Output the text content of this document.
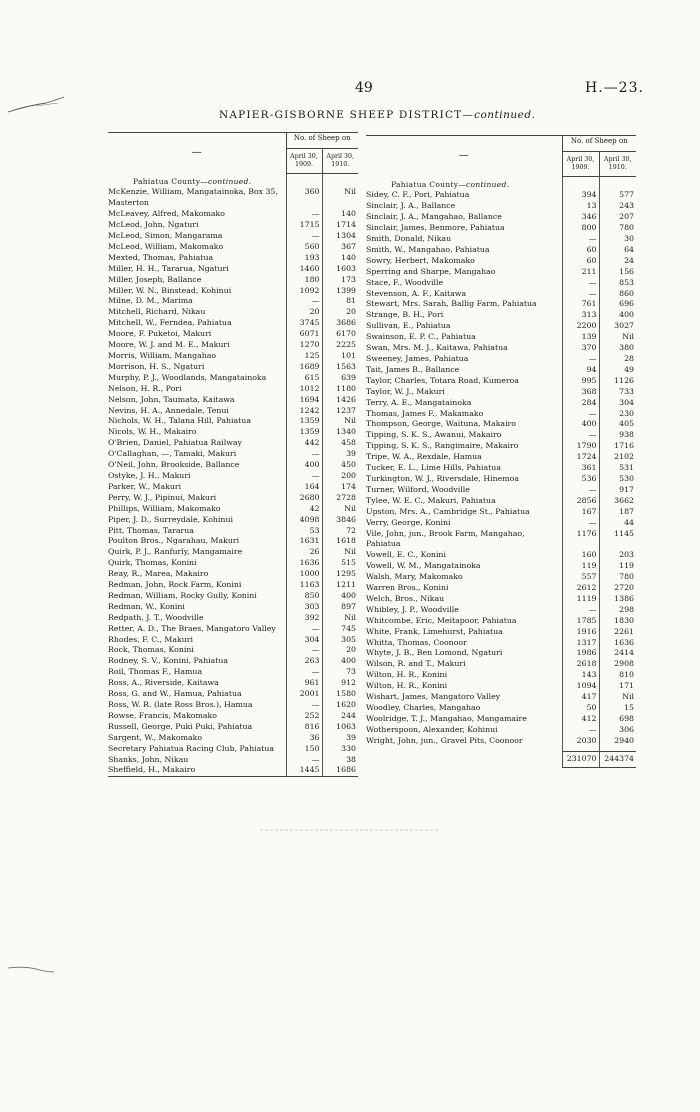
49	H.—23.
NAPIER-GISBORNE SHEEP DISTRICT—continued.
—	No. of Sheep on	
	April 30, 1909.	April 30, 1910.
Pahiatua County—continued.		
McKenzie, William, Mangatainoka, Box 35,	360	Nil
Masterton		
McLeavey, Alfred, Makomako	—	140
McLeod, John, Ngaturi	1715	1714
McLeod, Simon, Mangarama	—	1304
McLeod, William, Makomako	560	367
Mexted, Thomas, Pahiatua	193	140
Miller, H. H., Tararua, Ngaturi	1460	1603
Miller, Joseph, Ballance	180	173
Miller, W. N., Binstead, Kohinui	1092	1399
Milne, D. M., Marima	—	81
Mitchell, Richard, Nikau	20	20
Mitchell, W., Ferndea, Pahiatua	3745	3686
Moore, F. Puketoi, Makuri	6071	6170
Moore, W. J. and M. E., Makuri	1270	2225
Morris, William, Mangahao	125	101
Morrison, H. S., Ngaturi	1689	1563
Murphy, P. J., Woodlands, Mangatainoka	615	639
Nelson, H. R., Pori	1012	1180
Nelson, John, Taumata, Kaitawa	1694	1426
Nevins, H. A., Annedale, Tenui	1242	1237
Nichols, W. H., Talana Hill, Pahiatua	1359	Nil
Nicols, W. H., Makairo	1359	1340
O'Brien, Daniel, Pahiatua Railway	442	458
O'Callaghan, —, Tamaki, Makuri	—	39
O'Neil, John, Brookside, Ballance	400	450
Ostyke, J. H., Makuri	—	200
Parker, W., Makuri	164	174
Perry, W. J., Pipinui, Makuri	2680	2728
Phillips, William, Makomako	42	Nil
Piper, J. D., Surreydale, Kohinui	4098	3846
Pitt, Thomas, Tararua	53	72
Poulton Bros., Ngarahau, Makuri	1631	1618
Quirk, P. J., Ranfurly, Mangamaire	26	Nil
Quirk, Thomas, Konini	1636	515
Reay, R., Marea, Makairo	1000	1295
Redman, John, Rock Farm, Konini	1163	1211
Redman, William, Rocky Gully, Konini	850	400
Redman, W., Konini	303	897
Redpath, J. T., Woodville	392	Nil
Retter, A. D., The Braes, Mangatoro Valley	—	745
Rhodes, F. C., Makuri	304	305
Rock, Thomas, Konini	—	20
Rodney, S. V., Konini, Pahiatua	263	400
Roil, Thomas F., Hamua	—	73
Ross, A., Riverside, Kaitawa	961	912
Ross, G. and W., Hamua, Pahiatua	2001	1580
Ross, W. R. (late Ross Bros.), Hamua	—	1620
Rowse, Francis, Makomako	252	244
Russell, George, Puki Puki, Pahiatua	816	1063
Sargent, W., Makomako	36	39
Secretary Pahiatua Racing Club, Pahiatua	150	330
Shanks, John, Nikau	—	38
Sheffield, H., Makairo	1445	1686
—	No. of Sheep on	
	April 30, 1909.	April 30, 1910.
Pahiatua County—continued.		
Sidey, C. F., Pori, Pahiatua	394	577
Sinclair, J. A., Ballance	13	243
Sinclair, J. A., Mangahao, Ballance	346	207
Sinclair, James, Benmore, Pahiatua	800	780
Smith, Donald, Nikau	—	30
Smith, W., Mangahao, Pahiatua	60	64
Sowry, Herbert, Makomako	60	24
Sperring and Sharpe, Mangahao	211	156
Stace, F., Woodville	—	853
Stevenson, A. F., Kaitawa	—	860
Stewart, Mrs. Sarah, Ballig Farm, Pahiatua	761	696
Strange, B. H., Pori	313	400
Sullivan, E., Pahiatua	2200	3027
Swainson, E. P. C., Pahiatua	139	Nil
Swan, Mrs. M. J., Kaitawa, Pahiatua	370	380
Sweeney, James, Pahiatua	—	28
Tait, James B., Ballance	94	49
Taylor, Charles, Totara Road, Kumeroa	995	1126
Taylor, W. J., Makuri	368	733
Terry, A. E., Mangatainoka	284	304
Thomas, James F., Makamako	—	230
Thompson, George, Waituna, Makairo	400	405
Tipping, S. K. S., Awanui, Makairo	—	938
Tipping, S. K. S., Rangimaire, Makairo	1790	1716
Tripe, W. A., Rexdale, Hamua	1724	2102
Tucker, E. L., Lime Hills, Pahiatua	361	531
Turkington, W. J., Riversdale, Hinemoa	536	530
Turner, Wilford, Woodville	—	917
Tylee, W. E. C., Makuri, Pahiatua	2856	3662
Upston, Mrs. A., Cambridge St., Pahiatua	167	187
Verry, George, Konini	—	44
Vile, John, jun., Brook Farm, Mangahao,	1176	1145
Pahiatua		
Vowell, E. C., Konini	160	203
Vowell, W. M., Mangatainoka	119	119
Walsh, Mary, Makomako	557	780
Warren Bros., Konini	2612	2720
Welch, Bros., Nikau	1119	1386
Whibley, J. P., Woodville	—	298
Whitcombe, Eric, Meitapoor, Pahiatua	1785	1830
White, Frank, Limehurst, Pahiatua	1916	2261
Whitta, Thomas, Coonoor	1317	1636
Whyte, J. B., Ben Lomond, Ngaturi	1986	2414
Wilson, R. and T., Makuri	2618	2908
Wilton, H. R., Konini	143	810
Wilton, H. R., Konini	1094	171
Wishart, James, Mangatoro Valley	417	Nil
Woodley, Charles, Mangahao	50	15
Woolridge, T. J., Mangahao, Mangamaire	412	698
Wotherspoon, Alexander, Kohinui	—	306
Wright, John, jun., Gravel Pits, Coonoor	2030	2940

	231070	244374
